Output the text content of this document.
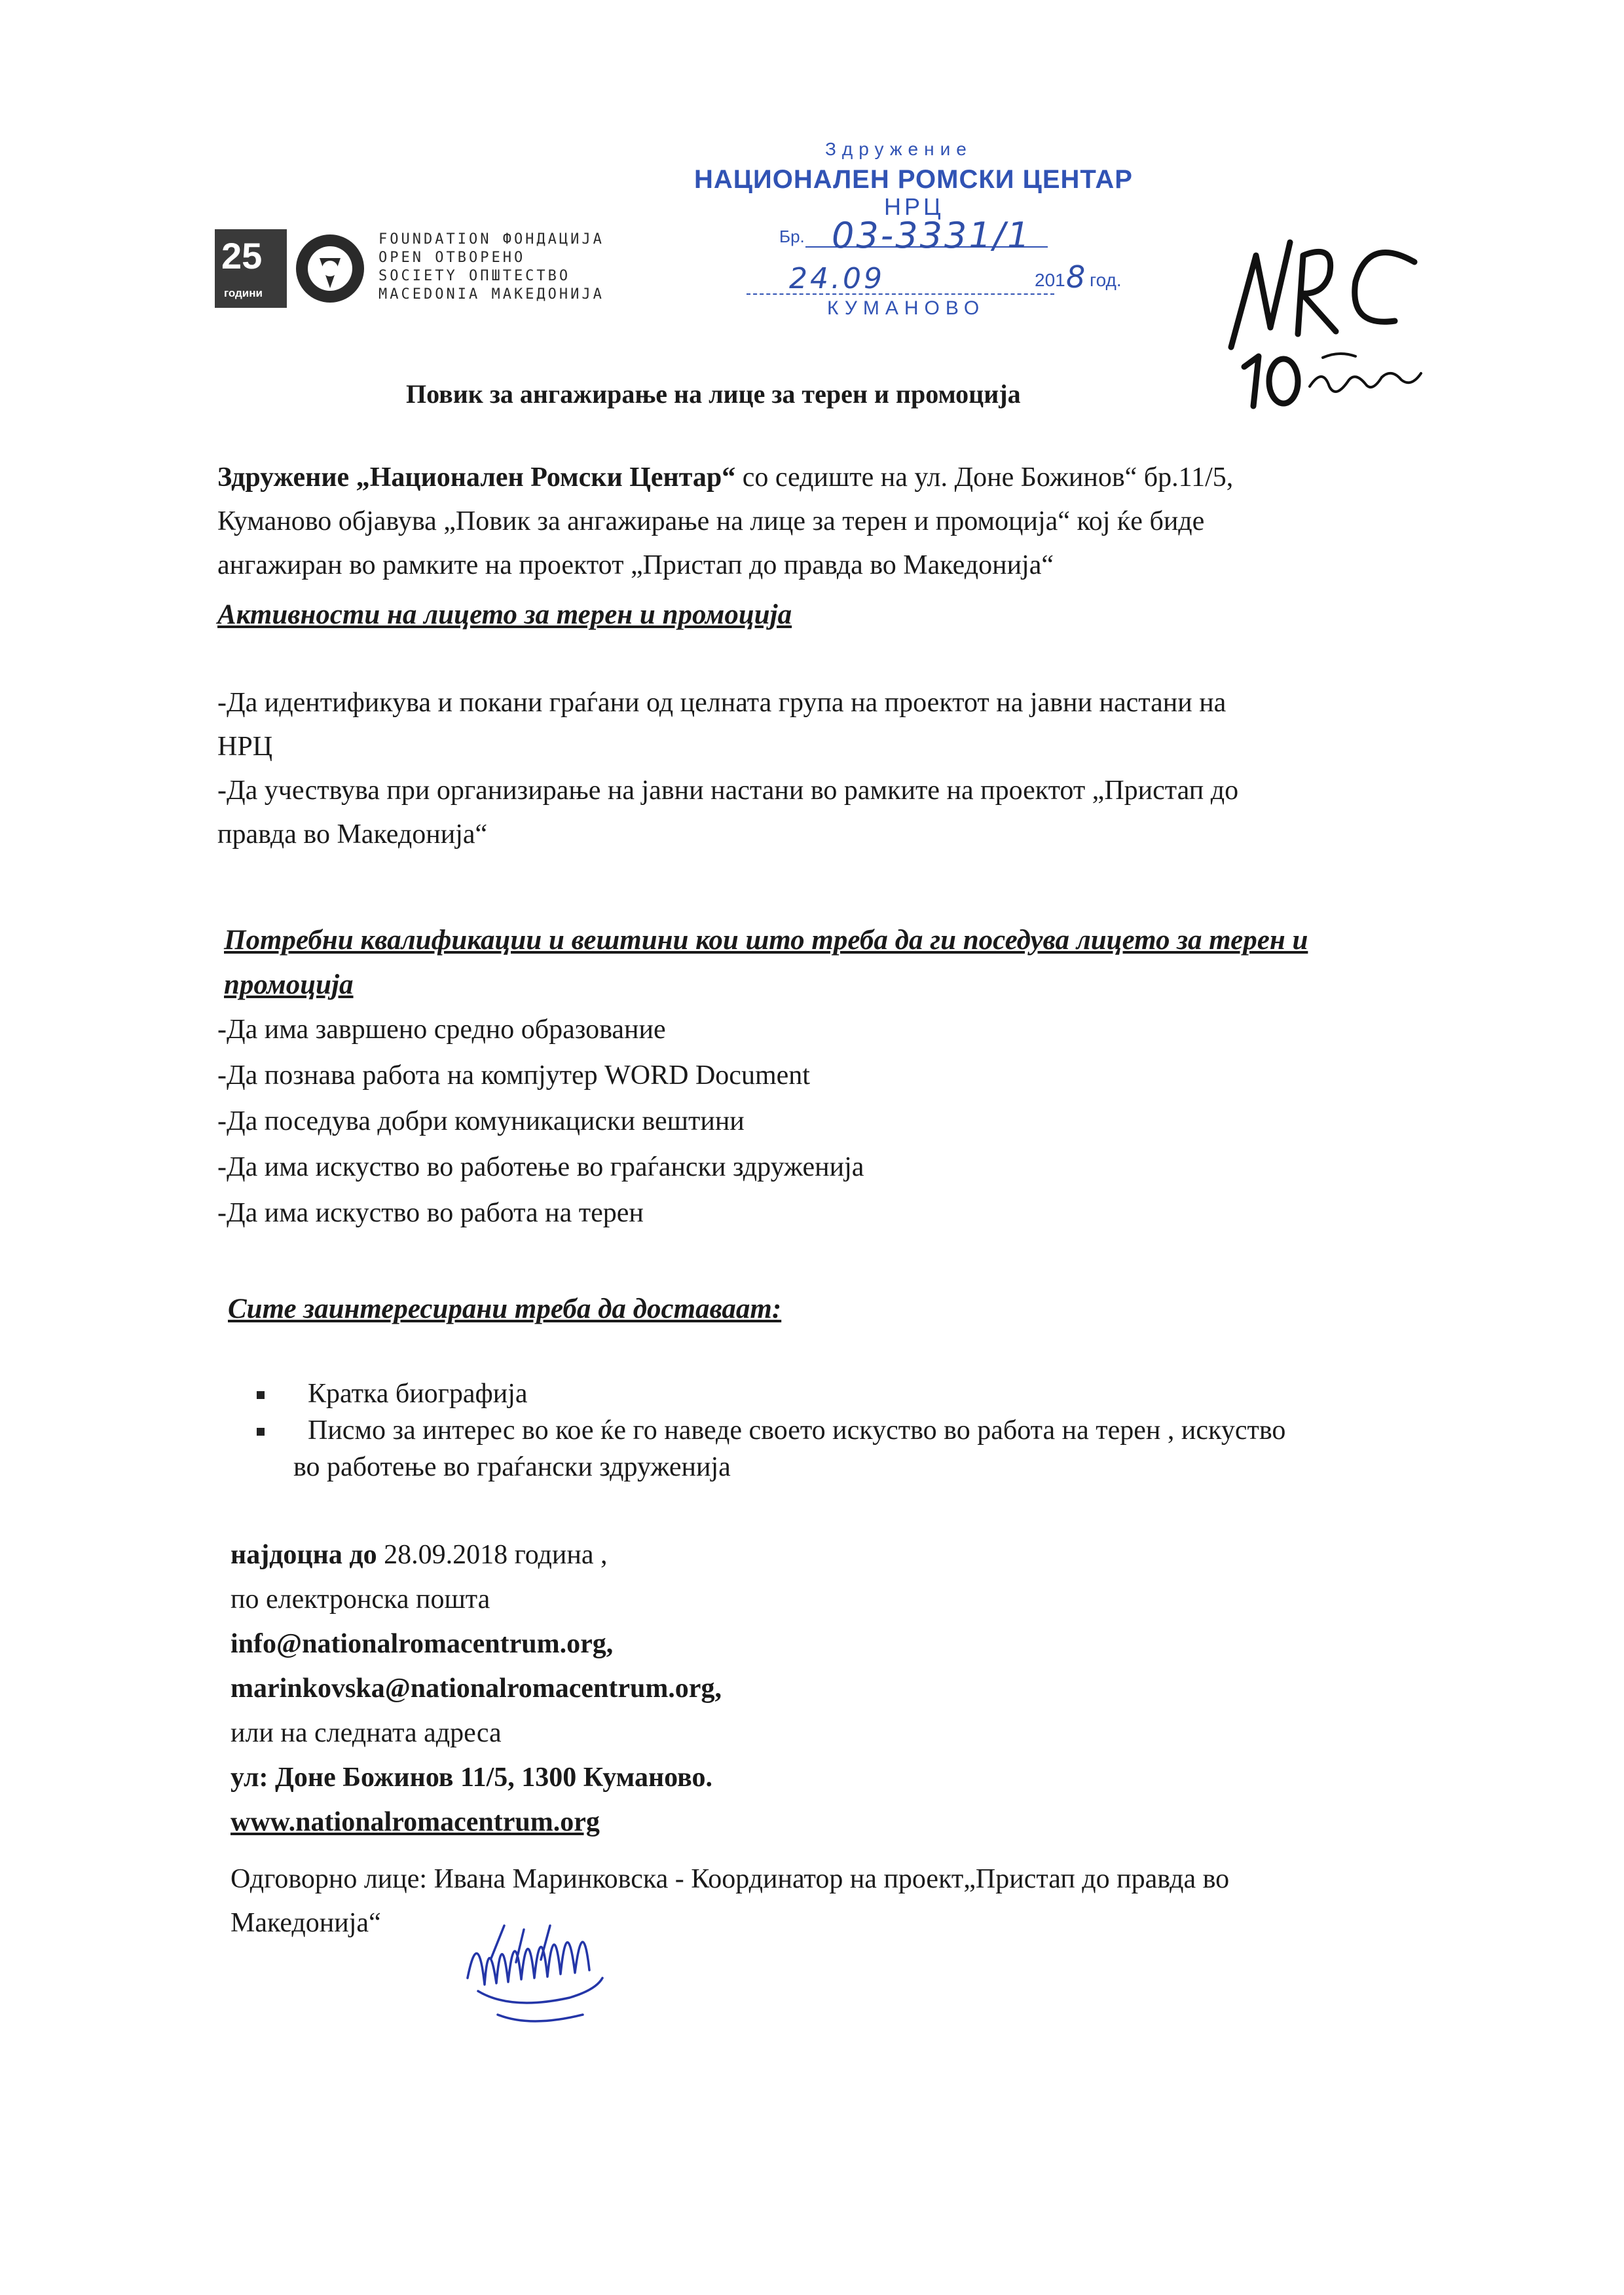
25
години
FOUNDATION ФОНДАЦИЈА
OPEN ОТВОРЕНО
SOCIETY ОПШТЕСТВО
MACEDONIA МАКЕДОНИЈА
Здружение
НАЦИОНАЛЕН РОМСКИ ЦЕНТАР
НРЦ
Бр. 03-3331/1
24.09	201 8 год.
КУМАНОВО
Повик за ангажирање на лице за терен и промоција
Здружение „Национален Ромски Центар“ со седиште на ул. Доне Божинов“ бр.11/5,
Куманово објавува „Повик за ангажирање на лице за терен и промоција“ кој ќе биде
ангажиран во рамките на проектот „Пристап до правда во Македонија“
Активности на лицето за терен и промоција
-Да идентификува и покани граѓани од целната група на проектот на јавни настани на
НРЦ
-Да учествува при организирање на јавни настани во рамките на проектот „Пристап до
правда во Македонија“
Потребни квалификации и вештини кои што треба да ги поседува лицето за терен и
промоција
-Да има завршено средно образование
-Да познава работа на компјутер WORD Document
-Да поседува добри комуникациски вештини
-Да има искуство во работење во граѓански здруженија
-Да има искуство во работа на терен
Сите заинтересирани треба да доставаат:
Кратка биографија
Писмо за интерес во кое ќе го наведе своето искуство во работа на терен , искуство
во работење во граѓански здруженија
најдоцна до 28.09.2018 година ,
по електронска пошта
info@nationalromacentrum.org,
marinkovska@nationalromacentrum.org,
или на следната адреса
ул: Доне Божинов 11/5, 1300 Куманово.
www.nationalromacentrum.org
Одговорно лице: Ивана Маринковска - Координатор на проект„Пристап до правда во
Македонија“
